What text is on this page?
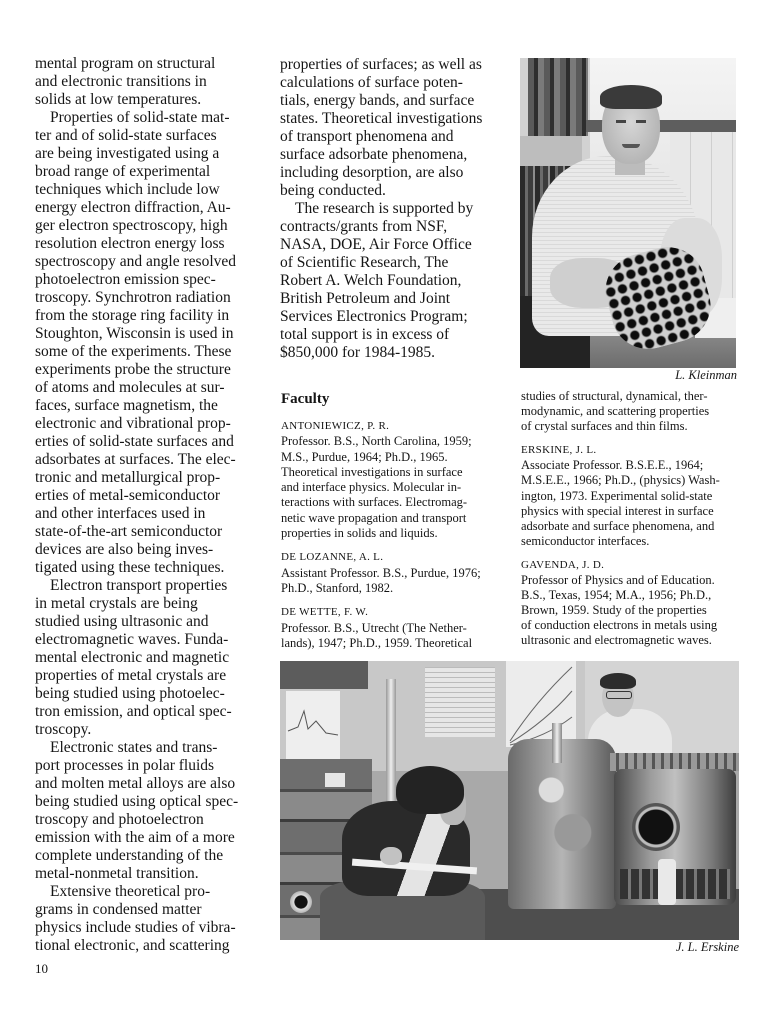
mental program on structural
and electronic transitions in
solids at low temperatures.
Properties of solid-state mat-
ter and of solid-state surfaces
are being investigated using a
broad range of experimental
techniques which include low
energy electron diffraction, Au-
ger electron spectroscopy, high
resolution electron energy loss
spectroscopy and angle resolved
photoelectron emission spec-
troscopy. Synchrotron radiation
from the storage ring facility in
Stoughton, Wisconsin is used in
some of the experiments. These
experiments probe the structure
of atoms and molecules at sur-
faces, surface magnetism, the
electronic and vibrational prop-
erties of solid-state surfaces and
adsorbates at surfaces. The elec-
tronic and metallurgical prop-
erties of metal-semiconductor
and other interfaces used in
state-of-the-art semiconductor
devices are also being inves-
tigated using these techniques.
Electron transport properties
in metal crystals are being
studied using ultrasonic and
electromagnetic waves. Funda-
mental electronic and magnetic
properties of metal crystals are
being studied using photoelec-
tron emission, and optical spec-
troscopy.
Electronic states and trans-
port processes in polar fluids
and molten metal alloys are also
being studied using optical spec-
troscopy and photoelectron
emission with the aim of a more
complete understanding of the
metal-nonmetal transition.
Extensive theoretical pro-
grams in condensed matter
physics include studies of vibra-
tional electronic, and scattering
properties of surfaces; as well as
calculations of surface poten-
tials, energy bands, and surface
states. Theoretical investigations
of transport phenomena and
surface adsorbate phenomena,
including desorption, are also
being conducted.
The research is supported by
contracts/grants from NSF,
NASA, DOE, Air Force Office
of Scientific Research, The
Robert A. Welch Foundation,
British Petroleum and Joint
Services Electronics Program;
total support is in excess of
$850,000 for 1984-1985.
Faculty
ANTONIEWICZ, P. R.
Professor. B.S., North Carolina, 1959;
M.S., Purdue, 1964; Ph.D., 1965.
Theoretical investigations in surface
and interface physics. Molecular in-
teractions with surfaces. Electromag-
netic wave propagation and transport
properties in solids and liquids.
DE LOZANNE, A. L.
Assistant Professor. B.S., Purdue, 1976;
Ph.D., Stanford, 1982.
DE WETTE, F. W.
Professor. B.S., Utrecht (The Nether-
lands), 1947; Ph.D., 1959. Theoretical
studies of structural, dynamical, ther-
modynamic, and scattering properties
of crystal surfaces and thin films.
ERSKINE, J. L.
Associate Professor. B.S.E.E., 1964;
M.S.E.E., 1966; Ph.D., (physics) Wash-
ington, 1973. Experimental solid-state
physics with special interest in surface
adsorbate and surface phenomena, and
semiconductor interfaces.
GAVENDA, J. D.
Professor of Physics and of Education.
B.S., Texas, 1954; M.A., 1956; Ph.D.,
Brown, 1959. Study of the properties
of conduction electrons in metals using
ultrasonic and electromagnetic waves.
L. Kleinman
J. L. Erskine
10
